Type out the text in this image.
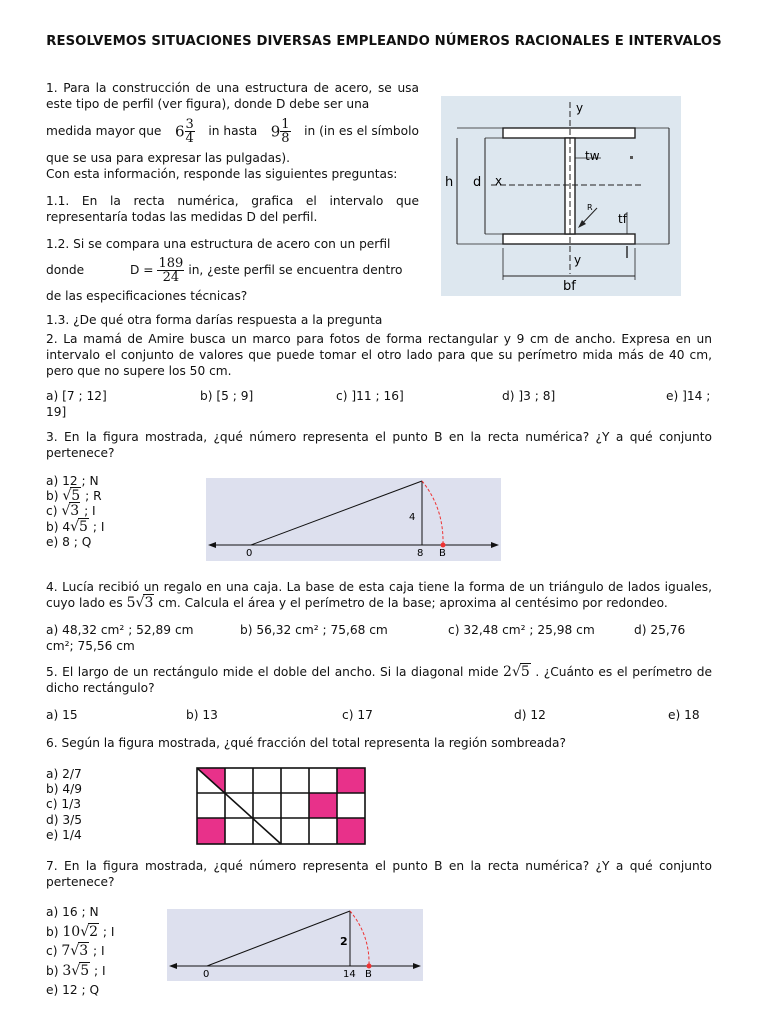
RESOLVEMOS SITUACIONES DIVERSAS EMPLEANDO NÚMEROS RACIONALES E INTERVALOS
1. Para la construcción de una estructura de acero, se usa este tipo de perfil (ver figura), donde D debe ser una
medida mayor que $6 \frac{3}{4}$ in hasta $9 \frac{1}{8}$ in (in es el símbolo
que se usa para expresar las pulgadas).
Con esta información, responde las siguientes preguntas:
1.1. En la recta numérica, grafica el intervalo que representaría todas las medidas D del perfil.
1.2. Si se compara una estructura de acero con un perfil
donde	$D = \frac{189}{24}$ in, ¿este perfil se encuentra dentro
de las especificaciones técnicas?
1.3. ¿De qué otra forma darías respuesta a la pregunta
y
tw
h d x
R
tf
y
bf
2. La mamá de Amire busca un marco para fotos de forma rectangular y 9 cm de ancho. Expresa en un intervalo el conjunto de valores que puede tomar el otro lado para que su perímetro mida más de 40 cm, pero que no supere los 50 cm.
a) [7 ; 12]	b) [5 ; 9]	c) ]11 ; 16]	d) ]3 ; 8]	e) ]14 ;
19]
3. En la figura mostrada, ¿qué número representa el punto B en la recta numérica? ¿Y a qué conjunto pertenece?
a) 12 ; N
b) √5 ; R
c) √3 ; I
b) 4√5 ; I
e) 8 ; Q
4
0	8 B
4. Lucía recibió un regalo en una caja. La base de esta caja tiene la forma de un triángulo de lados iguales, cuyo lado es 5√3 cm. Calcula el área y el perímetro de la base; aproxima al centésimo por redondeo.
a) 48,32 cm² ; 52,89 cm	b) 56,32 cm² ; 75,68 cm	c) 32,48 cm² ; 25,98 cm	d) 25,76
cm²; 75,56 cm
5. El largo de un rectángulo mide el doble del ancho. Si la diagonal mide 2√5 . ¿Cuánto es el perímetro de dicho rectángulo?
a) 15	b) 13	c) 17	d) 12	e) 18
6. Según la figura mostrada, ¿qué fracción del total representa la región sombreada?
a) 2/7
b) 4/9
c) 1/3
d) 3/5
e) 1/4
7. En la figura mostrada, ¿qué número representa el punto B en la recta numérica? ¿Y a qué conjunto pertenece?
a) 16 ; N
b) 10√2 ; I
c) 7√3 ; I
b) 3√5 ; I
e) 12 ; Q
2
0	14 B
